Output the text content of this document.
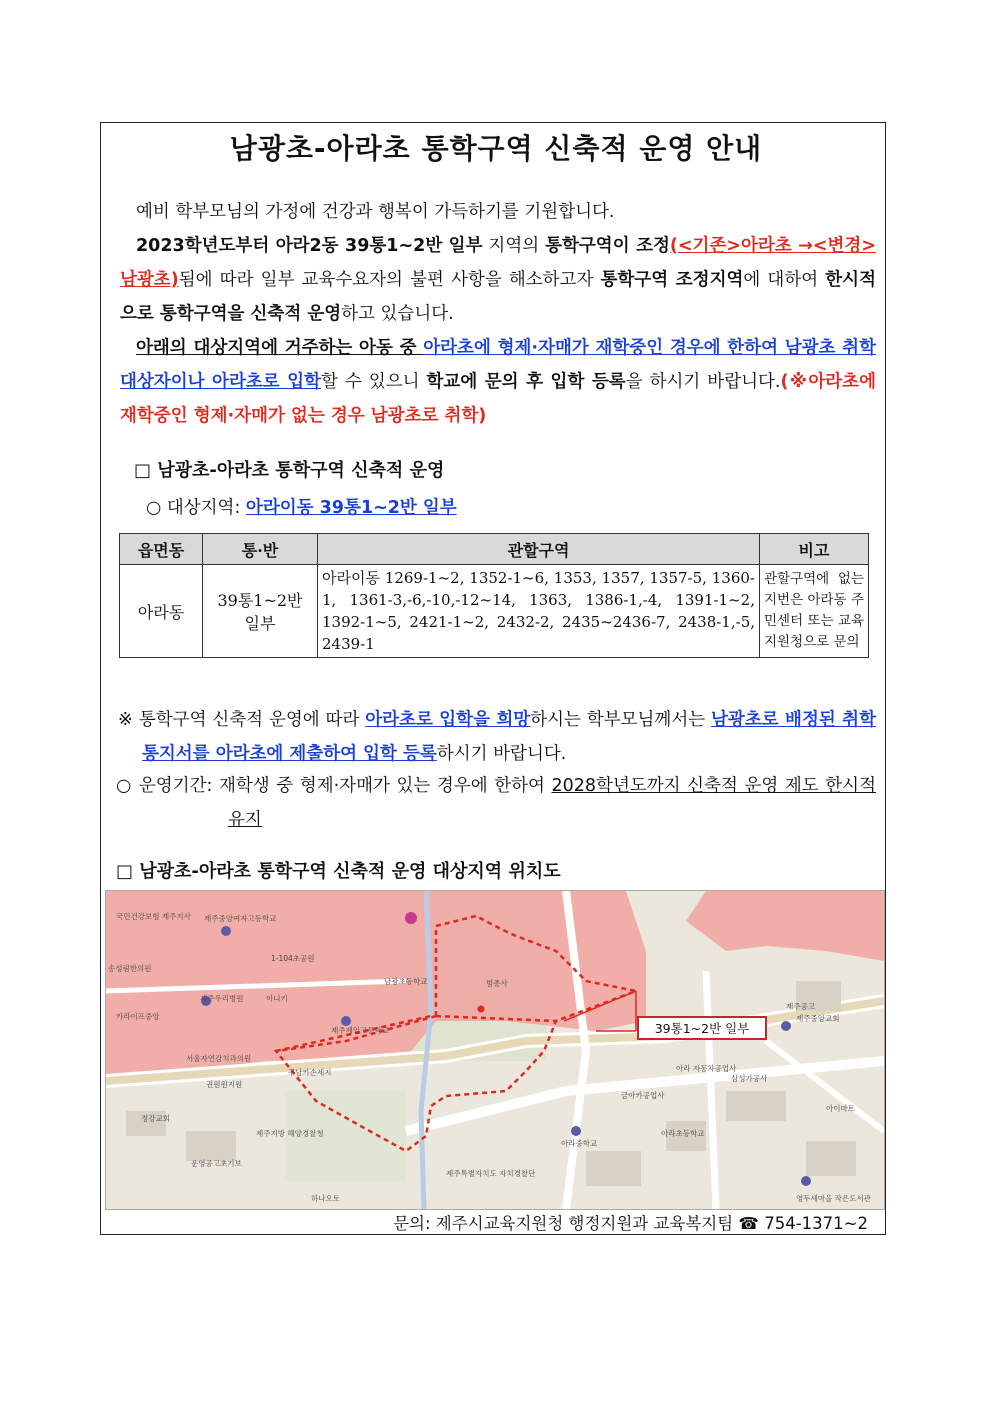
남광초-아라초 통학구역 신축적 운영 안내
예비 학부모님의 가정에 건강과 행복이 가득하기를 기원합니다.
2023학년도부터 아라2동 39통1~2반 일부 지역의 통학구역이 조정(<기존>아라초 →<변경>남광초)됨에 따라 일부 교육수요자의 불편 사항을 해소하고자 통학구역 조정지역에 대하여 한시적으로 통학구역을 신축적 운영하고 있습니다.
아래의 대상지역에 거주하는 아동 중 아라초에 형제·자매가 재학중인 경우에 한하여 남광초 취학대상자이나 아라초로 입학할 수 있으니 학교에 문의 후 입학 등록을 하시기 바랍니다.(※아라초에 재학중인 형제·자매가 없는 경우 남광초로 취학)
□ 남광초-아라초 통학구역 신축적 운영
○ 대상지역: 아라이동 39통1~2반 일부
읍면동	통·반	관할구역	비고
아라동	39통1~2반 일부	아라이동 1269-1~2, 1352-1~6, 1353, 1357, 1357-5, 1360-1, 1361-3,-6,-10,-12~14, 1363, 1386-1,-4, 1391-1~2, 1392-1~5, 2421-1~2, 2432-2, 2435~2436-7, 2438-1,-5, 2439-1	관할구역에 없는 지번은 아라동 주민센터 또는 교육지원청으로 문의
※ 통학구역 신축적 운영에 따라 아라초로 입학을 희망하시는 학부모님께서는 남광초로 배정된 취학통지서를 아라초에 제출하여 입학 등록하시기 바랍니다.
○ 운영기간: 재학생 중 형제·자매가 있는 경우에 한하여 2028학년도까지 신축적 운영 제도 한시적 유지
□ 남광초-아라초 통학구역 신축적 운영 대상지역 위치도
39통1~2반 일부
국민건강보험 제주지사 제주중앙여자고등학교
남광초등학교
제주제일고등학교
아라중학교
아라초등학교
제주우리병원	이니키
송성림한의원
카라이프중앙
서울자연감치과의원
권원원지원
정강교회
구남카손세지
1-104초공원
제주중앙교회
삼성가공사
금아카공업사
제주특별자치도 자치경찰단
제주지방 해양경찰청
운영공고초기보
영두세마을 작은도서관
아라 자동차공업사
아이마트
범종사
제주공고
하나오토
문의: 제주시교육지원청 행정지원과 교육복지팀 ☎ 754-1371~2
